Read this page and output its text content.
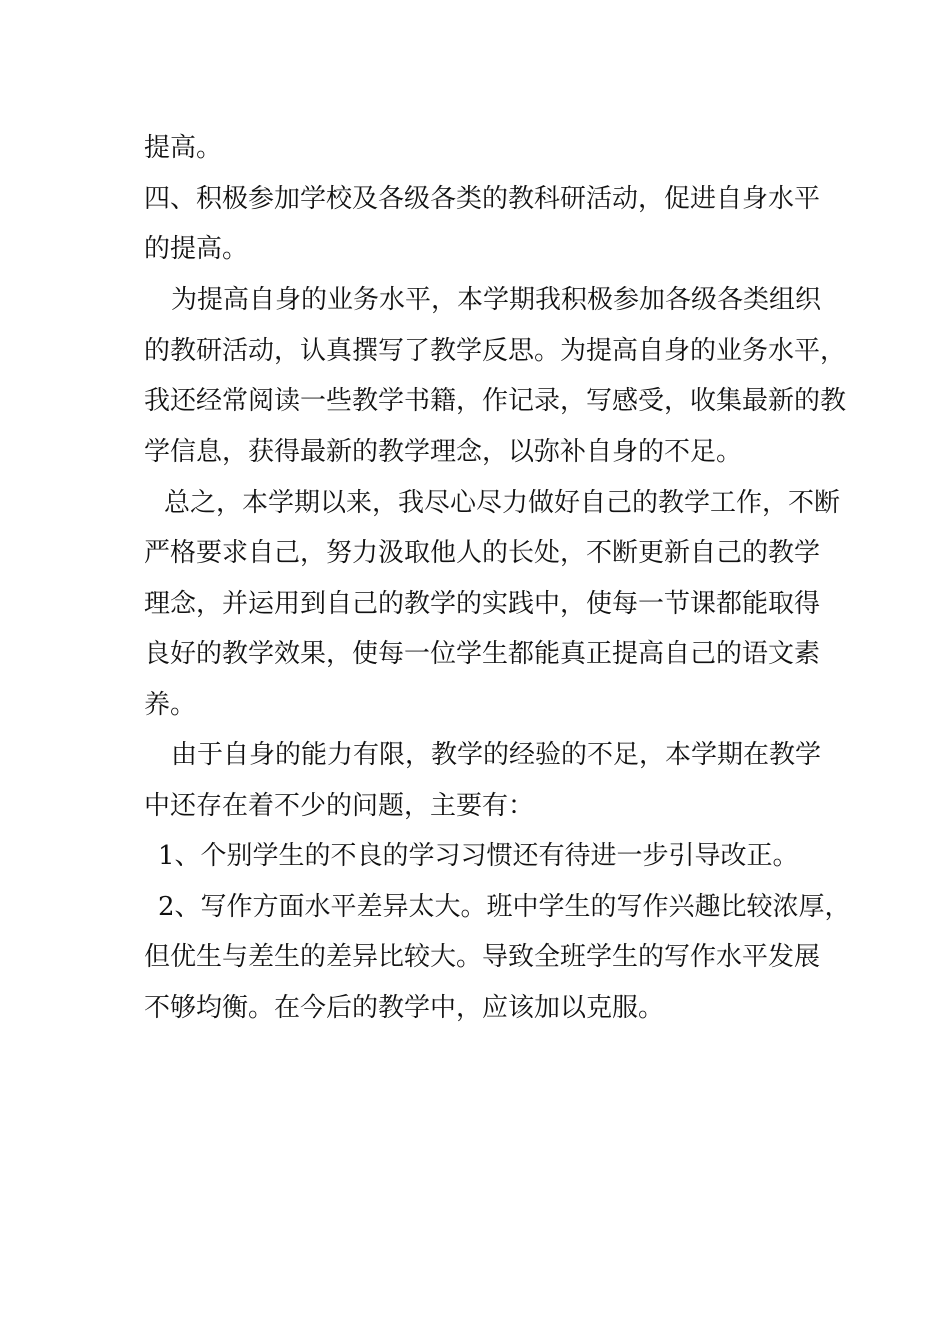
提高。
四、积极参加学校及各级各类的教科研活动，促进自身水平
的提高。
为提高自身的业务水平，本学期我积极参加各级各类组织
的教研活动，认真撰写了教学反思。为提高自身的业务水平，
我还经常阅读一些教学书籍，作记录，写感受，收集最新的教
学信息，获得最新的教学理念，以弥补自身的不足。
总之，本学期以来，我尽心尽力做好自己的教学工作，不断
严格要求自己，努力汲取他人的长处，不断更新自己的教学
理念，并运用到自己的教学的实践中，使每一节课都能取得
良好的教学效果，使每一位学生都能真正提高自己的语文素
养。
由于自身的能力有限，教学的经验的不足，本学期在教学
中还存在着不少的问题，主要有：
1、个别学生的不良的学习习惯还有待进一步引导改正。
2、写作方面水平差异太大。班中学生的写作兴趣比较浓厚，
但优生与差生的差异比较大。导致全班学生的写作水平发展
不够均衡。在今后的教学中，应该加以克服。
